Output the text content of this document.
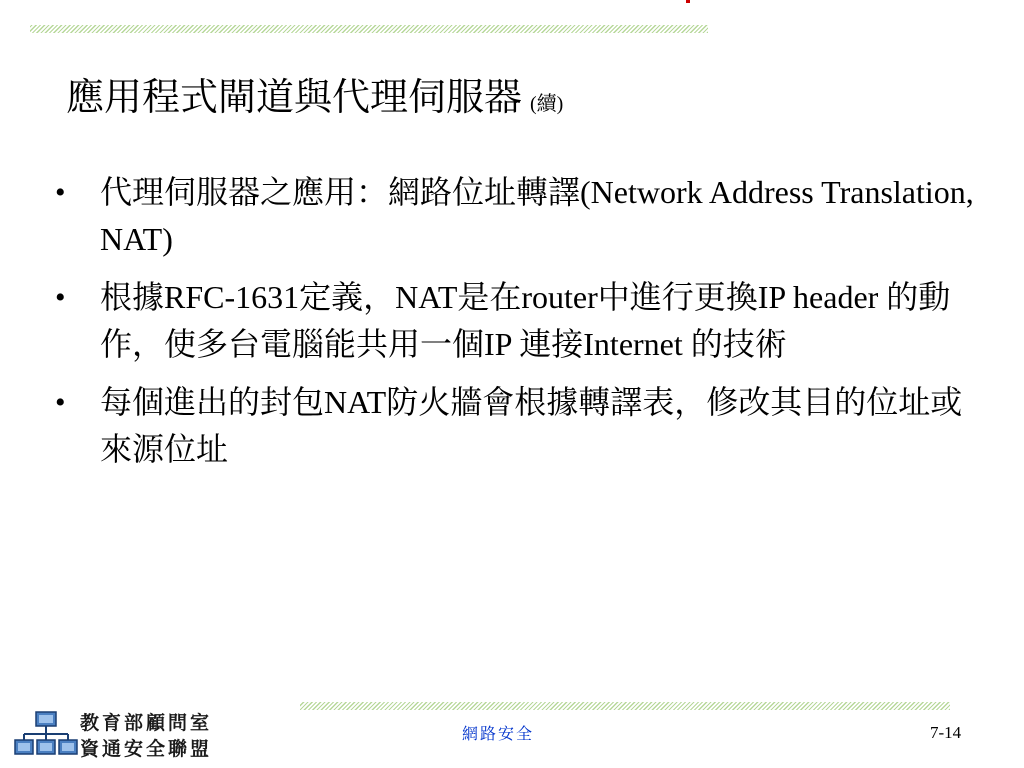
應用程式閘道與代理伺服器 (續)
•	代理伺服器之應用：網路位址轉譯(Network Address Translation, NAT)
•	根據RFC-1631定義，NAT是在router中進行更換IP header 的動作，使多台電腦能共用一個IP 連接Internet 的技術
•	每個進出的封包NAT防火牆會根據轉譯表，修改其目的位址或來源位址
教育部顧問室
資通安全聯盟
網路安全	7-14
